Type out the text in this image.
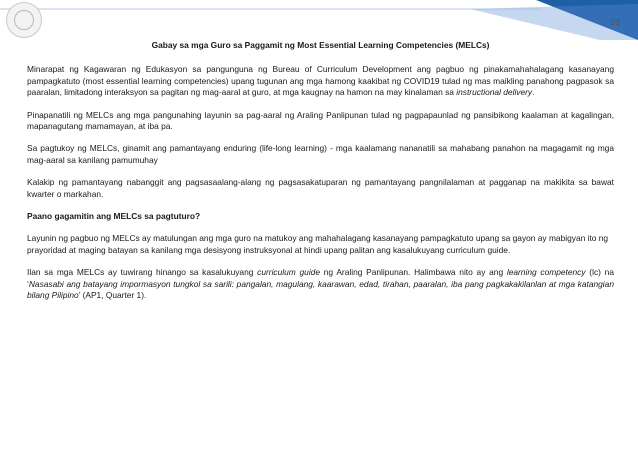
23

Gabay sa mga Guro sa Paggamit ng Most Essential Learning Competencies (MELCs)

Minarapat ng Kagawaran ng Edukasyon sa pangunguna ng Bureau of Curriculum Development ang pagbuo ng pinakamahahalagang kasanayang pampagkatuto (most essential learning competencies) upang tugunan ang mga hamong kaakibat ng COVID19 tulad ng mas maikling panahong pagpasok sa paaralan, limitadong interaksyon sa pagitan ng mag-aaral at guro, at mga kaugnay na hamon na may kinalaman sa instructional delivery.

Pinapanatili ng MELCs ang mga pangunahing layunin sa pag-aaral ng Araling Panlipunan tulad ng pagpapaunlad ng pansibikong kaalaman at kagalingan, mapanagutang mamamayan, at iba pa.

Sa pagtukoy ng MELCs, ginamit ang pamantayang enduring (life-long learning) - mga kaalamang nananatili sa mahabang panahon na magagamit ng mga mag-aaral sa kanilang pamumuhay

Kalakip ng pamantayang nabanggit ang pagsasaalang-alang ng pagsasakatuparan ng pamantayang pangnilalaman at pagganap na makikita sa bawat kwarter o markahan.

Paano gagamitin ang MELCs sa pagtuturo?

Layunin ng pagbuo ng MELCs ay matulungan ang mga guro na matukoy ang mahahalagang kasanayang pampagkatuto upang sa gayon ay mabigyan ito ng prayoridad at maging batayan sa kanilang mga desisyong instruksyonal at hindi upang palitan ang kasalukuyang curriculum guide.

Ilan sa mga MELCs ay tuwirang hinango sa kasalukuyang curriculum guide ng Araling Panlipunan. Halimbawa nito ay ang learning competency (lc) na ‘Nasasabi ang batayang impormasyon tungkol sa sarili: pangalan, magulang, kaarawan, edad, tirahan, paaralan, iba pang pagkakakilanlan at mga katangian bilang Pilipino’ (AP1, Quarter 1).
